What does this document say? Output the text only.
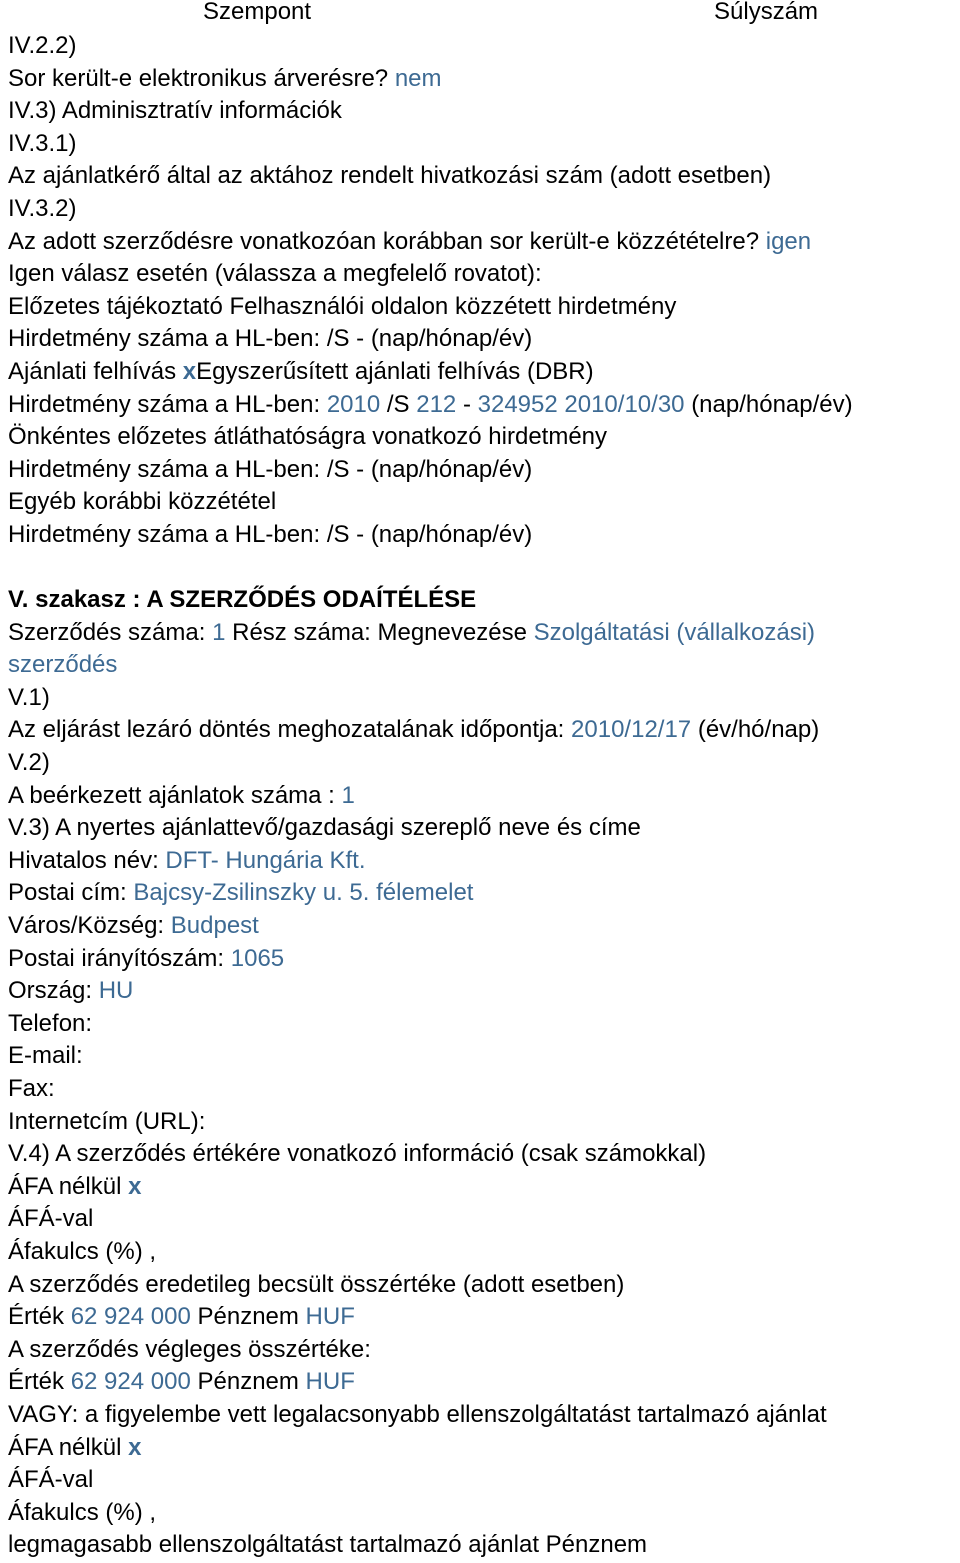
Szempont	Súlyszám
IV.2.2)
Sor került-e elektronikus árverésre? nem
IV.3) Adminisztratív információk
IV.3.1)
Az ajánlatkérő által az aktához rendelt hivatkozási szám (adott esetben)
IV.3.2)
Az adott szerződésre vonatkozóan korábban sor került-e közzétételre? igen
Igen válasz esetén (válassza a megfelelő rovatot):
Előzetes tájékoztató Felhasználói oldalon közzétett hirdetmény
Hirdetmény száma a HL-ben: /S - (nap/hónap/év)
Ajánlati felhívás xEgyszerűsített ajánlati felhívás (DBR)
Hirdetmény száma a HL-ben: 2010 /S 212 - 324952 2010/10/30 (nap/hónap/év)
Önkéntes előzetes átláthatóságra vonatkozó hirdetmény
Hirdetmény száma a HL-ben: /S - (nap/hónap/év)
Egyéb korábbi közzététel
Hirdetmény száma a HL-ben: /S - (nap/hónap/év)
V. szakasz : A SZERZŐDÉS ODAÍTÉLÉSE
Szerződés száma: 1 Rész száma: Megnevezése Szolgáltatási (vállalkozási)
szerződés
V.1)
Az eljárást lezáró döntés meghozatalának időpontja: 2010/12/17 (év/hó/nap)
V.2)
A beérkezett ajánlatok száma : 1
V.3) A nyertes ajánlattevő/gazdasági szereplő neve és címe
Hivatalos név: DFT- Hungária Kft.
Postai cím: Bajcsy-Zsilinszky u. 5. félemelet
Város/Község: Budpest
Postai irányítószám: 1065
Ország: HU
Telefon:
E-mail:
Fax:
Internetcím (URL):
V.4) A szerződés értékére vonatkozó információ (csak számokkal)
ÁFA nélkül x
ÁFÁ-val
Áfakulcs (%) ,
A szerződés eredetileg becsült összértéke (adott esetben)
Érték 62 924 000 Pénznem HUF
A szerződés végleges összértéke:
Érték 62 924 000 Pénznem HUF
VAGY: a figyelembe vett legalacsonyabb ellenszolgáltatást tartalmazó ajánlat
ÁFA nélkül x
ÁFÁ-val
Áfakulcs (%) ,
legmagasabb ellenszolgáltatást tartalmazó ajánlat Pénznem
